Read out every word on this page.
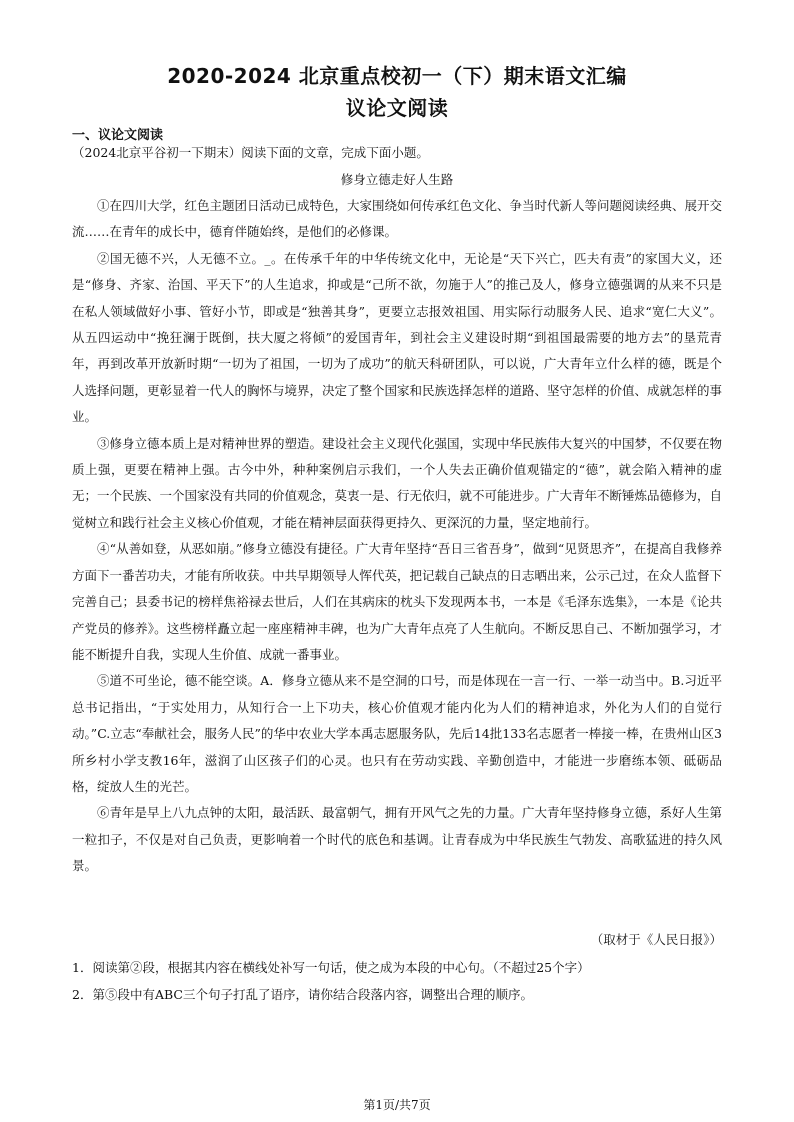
2020-2024 北京重点校初一（下）期末语文汇编
议论文阅读
一、议论文阅读
（2024北京平谷初一下期末）阅读下面的文章，完成下面小题。
修身立德走好人生路

①在四川大学，红色主题团日活动已成特色，大家围绕如何传承红色文化、争当时代新人等问题阅读经典、展开交流……在青年的成长中，德育伴随始终，是他们的必修课。

②国无德不兴，人无德不立。_。在传承千年的中华传统文化中，无论是“天下兴亡，匹夫有责”的家国大义，还是“修身、齐家、治国、平天下”的人生追求，抑或是“己所不欲，勿施于人”的推己及人，修身立德强调的从来不只是在私人领域做好小事、管好小节，即或是“独善其身”，更要立志报效祖国、用实际行动服务人民、追求“宽仁大义”。从五四运动中“挽狂澜于既倒，扶大厦之将倾”的爱国青年，到社会主义建设时期“到祖国最需要的地方去”的垦荒青年，再到改革开放新时期“一切为了祖国，一切为了成功”的航天科研团队，可以说，广大青年立什么样的德，既是个人选择问题，更彰显着一代人的胸怀与境界，决定了整个国家和民族选择怎样的道路、坚守怎样的价值、成就怎样的事业。

③修身立德本质上是对精神世界的塑造。建设社会主义现代化强国，实现中华民族伟大复兴的中国梦，不仅要在物质上强，更要在精神上强。古今中外，种种案例启示我们，一个人失去正确价值观锚定的“德”，就会陷入精神的虚无；一个民族、一个国家没有共同的价值观念，莫衷一是、行无依归，就不可能进步。广大青年不断锤炼品德修为，自觉树立和践行社会主义核心价值观，才能在精神层面获得更持久、更深沉的力量，坚定地前行。

④“从善如登，从恶如崩。”修身立德没有捷径。广大青年坚持“吾日三省吾身”，做到“见贤思齐”，在提高自我修养方面下一番苦功夫，才能有所收获。中共早期领导人恽代英，把记载自己缺点的日志晒出来，公示己过，在众人监督下完善自己；县委书记的榜样焦裕禄去世后，人们在其病床的枕头下发现两本书，一本是《毛泽东选集》，一本是《论共产党员的修养》。这些榜样矗立起一座座精神丰碑，也为广大青年点亮了人生航向。不断反思自己、不断加强学习，才能不断提升自我，实现人生价值、成就一番事业。

⑤道不可坐论，德不能空谈。A．修身立德从来不是空洞的口号，而是体现在一言一行、一举一动当中。B.习近平总书记指出，“于实处用力，从知行合一上下功夫，核心价值观才能内化为人们的精神追求，外化为人们的自觉行动。”C.立志“奉献社会，服务人民”的华中农业大学本禹志愿服务队，先后14批133名志愿者一棒接一棒，在贵州山区3所乡村小学支教16年，滋润了山区孩子们的心灵。也只有在劳动实践、辛勤创造中，才能进一步磨练本领、砥砺品格，绽放人生的光芒。

⑥青年是早上八九点钟的太阳，最活跃、最富朝气，拥有开风气之先的力量。广大青年坚持修身立德，系好人生第一粒扣子，不仅是对自己负责，更影响着一个时代的底色和基调。让青春成为中华民族生气勃发、高歌猛进的持久风景。

（取材于《人民日报》）
1．阅读第②段，根据其内容在横线处补写一句话，使之成为本段的中心句。（不超过25个字）
2．第⑤段中有ABC三个句子打乱了语序，请你结合段落内容，调整出合理的顺序。
第1页/共7页
